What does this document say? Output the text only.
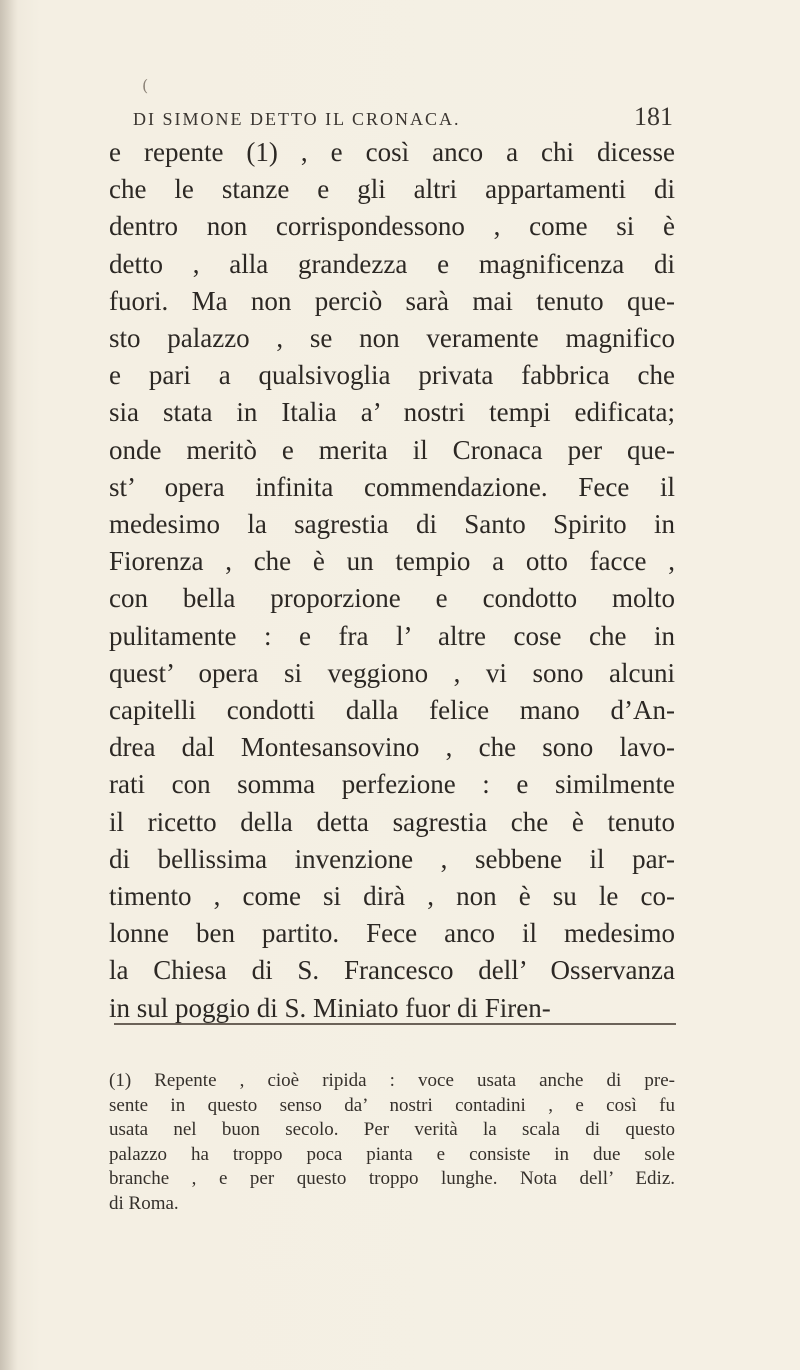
(
DI SIMONE DETTO IL CRONACA.	181
e repente (1) , e così anco a chi dicesse
che le stanze e gli altri appartamenti di
dentro non corrispondessono , come si è
detto , alla grandezza e magnificenza di
fuori. Ma non perciò sarà mai tenuto que-
sto palazzo , se non veramente magnifico
e pari a qualsivoglia privata fabbrica che
sia stata in Italia a’ nostri tempi edificata;
onde meritò e merita il Cronaca per que-
st’ opera infinita commendazione. Fece il
medesimo la sagrestia di Santo Spirito in
Fiorenza , che è un tempio a otto facce ,
con bella proporzione e condotto molto
pulitamente : e fra l’ altre cose che in
quest’ opera si veggiono , vi sono alcuni
capitelli condotti dalla felice mano d’An-
drea dal Montesansovino , che sono lavo-
rati con somma perfezione : e similmente
il ricetto della detta sagrestia che è tenuto
di bellissima invenzione , sebbene il par-
timento , come si dirà , non è su le co-
lonne ben partito. Fece anco il medesimo
la Chiesa di S. Francesco dell’ Osservanza
in sul poggio di S. Miniato fuor di Firen-
(1) Repente , cioè ripida : voce usata anche di pre-
sente in questo senso da’ nostri contadini , e così fu
usata nel buon secolo. Per verità la scala di questo
palazzo ha troppo poca pianta e consiste in due sole
branche , e per questo troppo lunghe. Nota dell’ Ediz.
di Roma.
